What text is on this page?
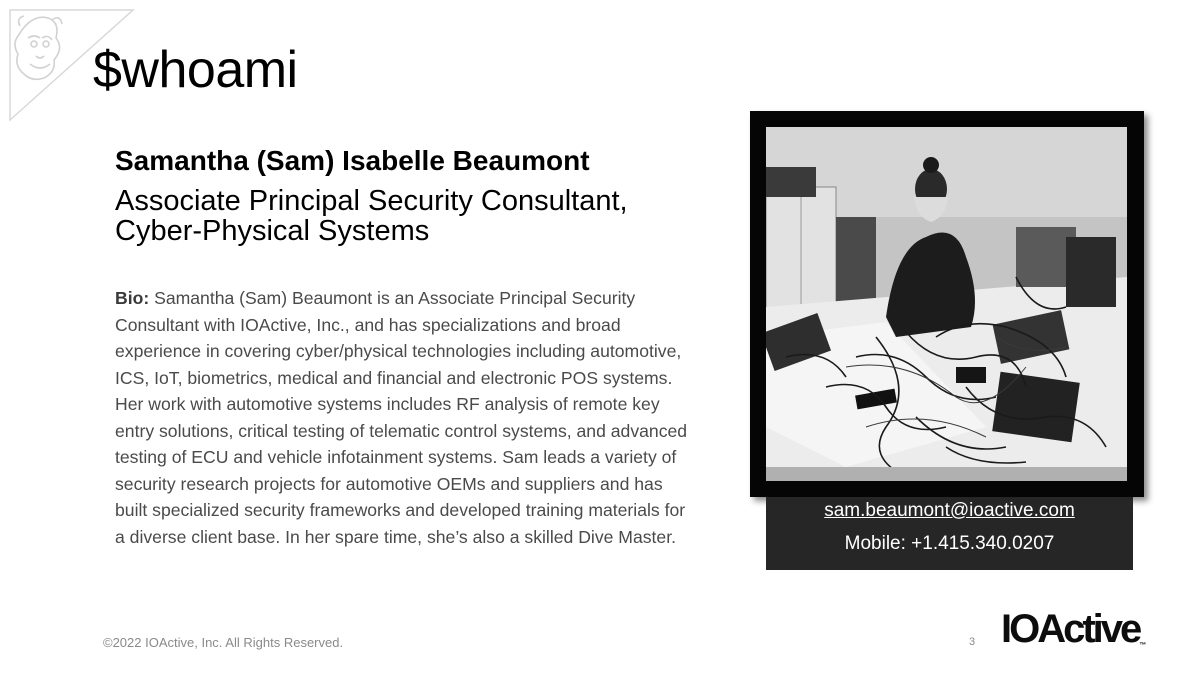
$whoami
Samantha (Sam) Isabelle Beaumont
Associate Principal Security Consultant,
Cyber-Physical Systems

Bio: Samantha (Sam) Beaumont is an Associate Principal Security Consultant with IOActive, Inc., and has specializations and broad experience in covering cyber/physical technologies including automotive, ICS, IoT, biometrics, medical and financial and electronic POS systems. Her work with automotive systems includes RF analysis of remote key entry solutions, critical testing of telematic control systems, and advanced testing of ECU and vehicle infotainment systems. Sam leads a variety of security research projects for automotive OEMs and suppliers and has built specialized security frameworks and developed training materials for a diverse client base. In her spare time, she’s also a skilled Dive Master.

sam.beaumont@ioactive.com
Mobile: +1.415.340.0207
©2022 IOActive, Inc. All Rights Reserved.	3 IOActive™
